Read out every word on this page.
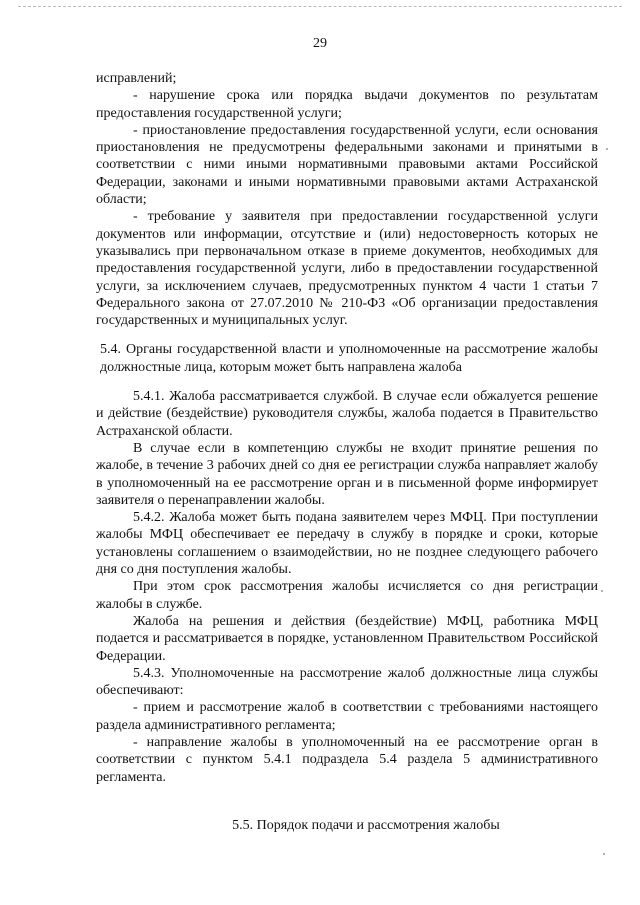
29

исправлений;

- нарушение срока или порядка выдачи документов по результатам предоставления государственной услуги;

- приостановление предоставления государственной услуги, если основания приостановления не предусмотрены федеральными законами и принятыми в соответствии с ними иными нормативными правовыми актами Российской Федерации, законами и иными нормативными правовыми актами Астраханской области;

- требование у заявителя при предоставлении государственной услуги документов или информации, отсутствие и (или) недостоверность которых не указывались при первоначальном отказе в приеме документов, необходимых для предоставления государственной услуги, либо в предоставлении государственной услуги, за исключением случаев, предусмотренных пунктом 4 части 1 статьи 7 Федерального закона от 27.07.2010 № 210-ФЗ «Об организации предоставления государственных и муниципальных услуг.

5.4. Органы государственной власти и уполномоченные на рассмотрение жалобы должностные лица, которым может быть направлена жалоба

5.4.1. Жалоба рассматривается службой. В случае если обжалуется решение и действие (бездействие) руководителя службы, жалоба подается в Правительство Астраханской области.

В случае если в компетенцию службы не входит принятие решения по жалобе, в течение 3 рабочих дней со дня ее регистрации служба направляет жалобу в уполномоченный на ее рассмотрение орган и в письменной форме информирует заявителя о перенаправлении жалобы.

5.4.2. Жалоба может быть подана заявителем через МФЦ. При поступлении жалобы МФЦ обеспечивает ее передачу в службу в порядке и сроки, которые установлены соглашением о взаимодействии, но не позднее следующего рабочего дня со дня поступления жалобы.

При этом срок рассмотрения жалобы исчисляется со дня регистрации жалобы в службе.

Жалоба на решения и действия (бездействие) МФЦ, работника МФЦ подается и рассматривается в порядке, установленном Правительством Российской Федерации.

5.4.3. Уполномоченные на рассмотрение жалоб должностные лица службы обеспечивают:

- прием и рассмотрение жалоб в соответствии с требованиями настоящего раздела административного регламента;

- направление жалобы в уполномоченный на ее рассмотрение орган в соответствии с пунктом 5.4.1 подраздела 5.4 раздела 5 административного регламента.

5.5. Порядок подачи и рассмотрения жалобы
